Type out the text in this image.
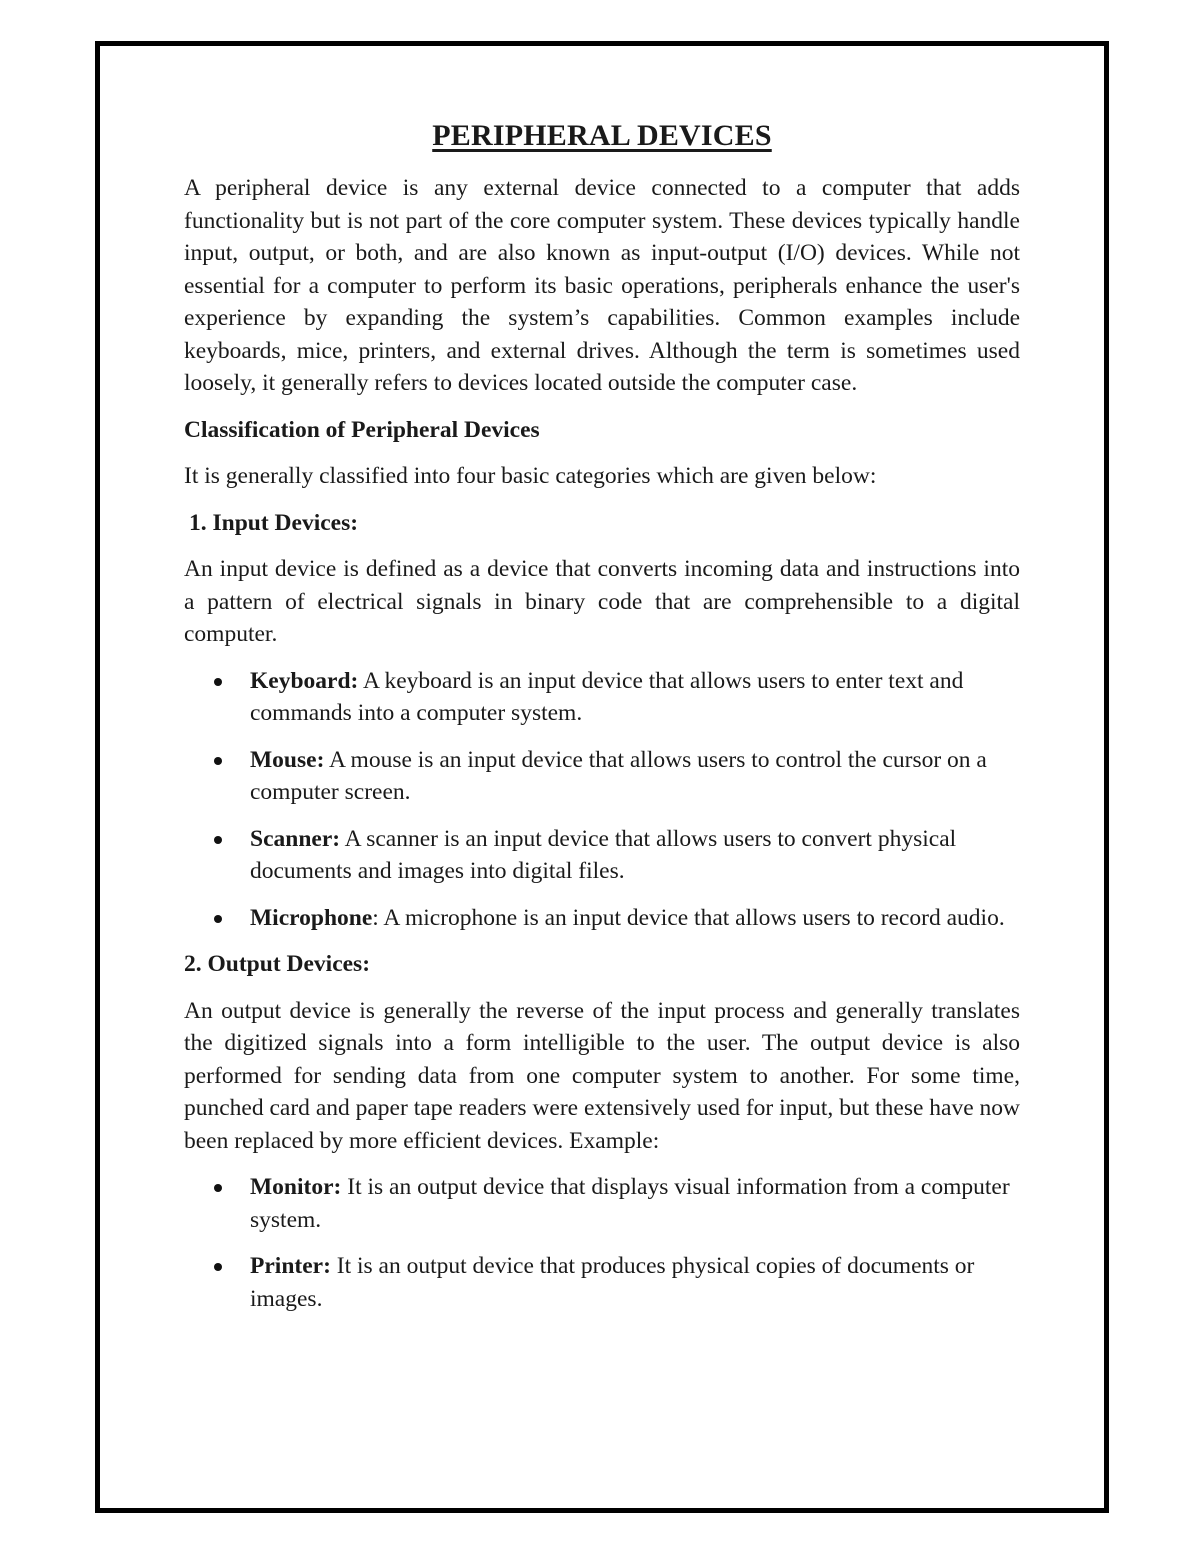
PERIPHERAL DEVICES

A peripheral device is any external device connected to a computer that adds functionality but is not part of the core computer system. These devices typically handle input, output, or both, and are also known as input-output (I/O) devices. While not essential for a computer to perform its basic operations, peripherals enhance the user's experience by expanding the system’s capabilities. Common examples include keyboards, mice, printers, and external drives. Although the term is sometimes used loosely, it generally refers to devices located outside the computer case.

Classification of Peripheral Devices

It is generally classified into four basic categories which are given below:

1. Input Devices:

An input device is defined as a device that converts incoming data and instructions into a pattern of electrical signals in binary code that are comprehensible to a digital computer.

Keyboard: A keyboard is an input device that allows users to enter text and commands into a computer system.
Mouse: A mouse is an input device that allows users to control the cursor on a computer screen.
Scanner: A scanner is an input device that allows users to convert physical documents and images into digital files.
Microphone: A microphone is an input device that allows users to record audio.
2. Output Devices:

An output device is generally the reverse of the input process and generally translates the digitized signals into a form intelligible to the user. The output device is also performed for sending data from one computer system to another. For some time, punched card and paper tape readers were extensively used for input, but these have now been replaced by more efficient devices. Example:

Monitor: It is an output device that displays visual information from a computer system.
Printer: It is an output device that produces physical copies of documents or images.
